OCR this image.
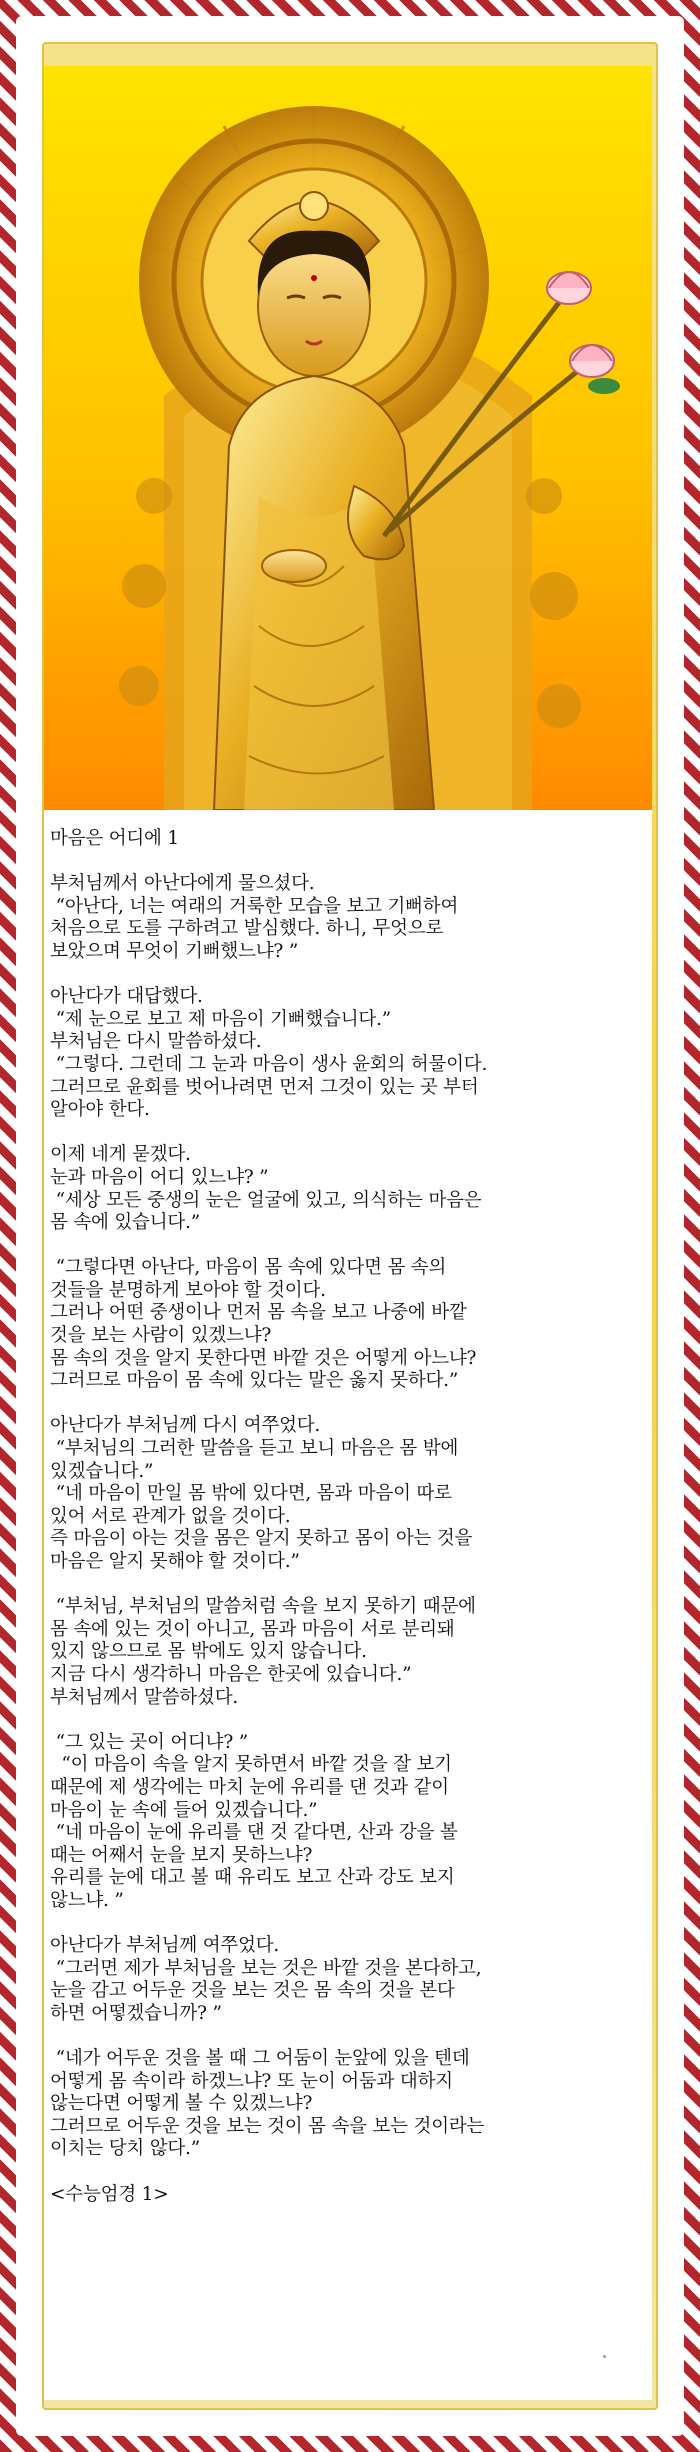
마음은 어디에 1
부처님께서 아난다에게 물으셨다.
“아난다, 너는 여래의 거룩한 모습을 보고 기뻐하여
처음으로 도를 구하려고 발심했다. 하니, 무엇으로
보았으며 무엇이 기뻐했느냐? ”
아난다가 대답했다.
“제 눈으로 보고 제 마음이 기뻐했습니다.”
부처님은 다시 말씀하셨다.
“그렇다. 그런데 그 눈과 마음이 생사 윤회의 허물이다.
그러므로 윤회를 벗어나려면 먼저 그것이 있는 곳 부터
알아야 한다.
이제 네게 묻겠다.
눈과 마음이 어디 있느냐? ”
“세상 모든 중생의 눈은 얼굴에 있고, 의식하는 마음은
몸 속에 있습니다.”
“그렇다면 아난다, 마음이 몸 속에 있다면 몸 속의
것들을 분명하게 보아야 할 것이다.
그러나 어떤 중생이나 먼저 몸 속을 보고 나중에 바깥
것을 보는 사람이 있겠느냐?
몸 속의 것을 알지 못한다면 바깥 것은 어떻게 아느냐?
그러므로 마음이 몸 속에 있다는 말은 옳지 못하다.”
아난다가 부처님께 다시 여쭈었다.
“부처님의 그러한 말씀을 듣고 보니 마음은 몸 밖에
있겠습니다.”
“네 마음이 만일 몸 밖에 있다면, 몸과 마음이 따로
있어 서로 관계가 없을 것이다.
즉 마음이 아는 것을 몸은 알지 못하고 몸이 아는 것을
마음은 알지 못해야 할 것이다.”
“부처님, 부처님의 말씀처럼 속을 보지 못하기 때문에
몸 속에 있는 것이 아니고, 몸과 마음이 서로 분리돼
있지 않으므로 몸 밖에도 있지 않습니다.
지금 다시 생각하니 마음은 한곳에 있습니다.”
부처님께서 말씀하셨다.
“그 있는 곳이 어디냐? ”
“이 마음이 속을 알지 못하면서 바깥 것을 잘 보기
때문에 제 생각에는 마치 눈에 유리를 댄 것과 같이
마음이 눈 속에 들어 있겠습니다.”
“네 마음이 눈에 유리를 댄 것 같다면, 산과 강을 볼
때는 어째서 눈을 보지 못하느냐?
유리를 눈에 대고 볼 때 유리도 보고 산과 강도 보지
않느냐. ”
아난다가 부처님께 여쭈었다.
“그러면 제가 부처님을 보는 것은 바깥 것을 본다하고,
눈을 감고 어두운 것을 보는 것은 몸 속의 것을 본다
하면 어떻겠습니까? ”
“네가 어두운 것을 볼 때 그 어둠이 눈앞에 있을 텐데
어떻게 몸 속이라 하겠느냐? 또 눈이 어둠과 대하지
않는다면 어떻게 볼 수 있겠느냐?
그러므로 어두운 것을 보는 것이 몸 속을 보는 것이라는
이치는 당치 않다.”
<수능엄경 1>
